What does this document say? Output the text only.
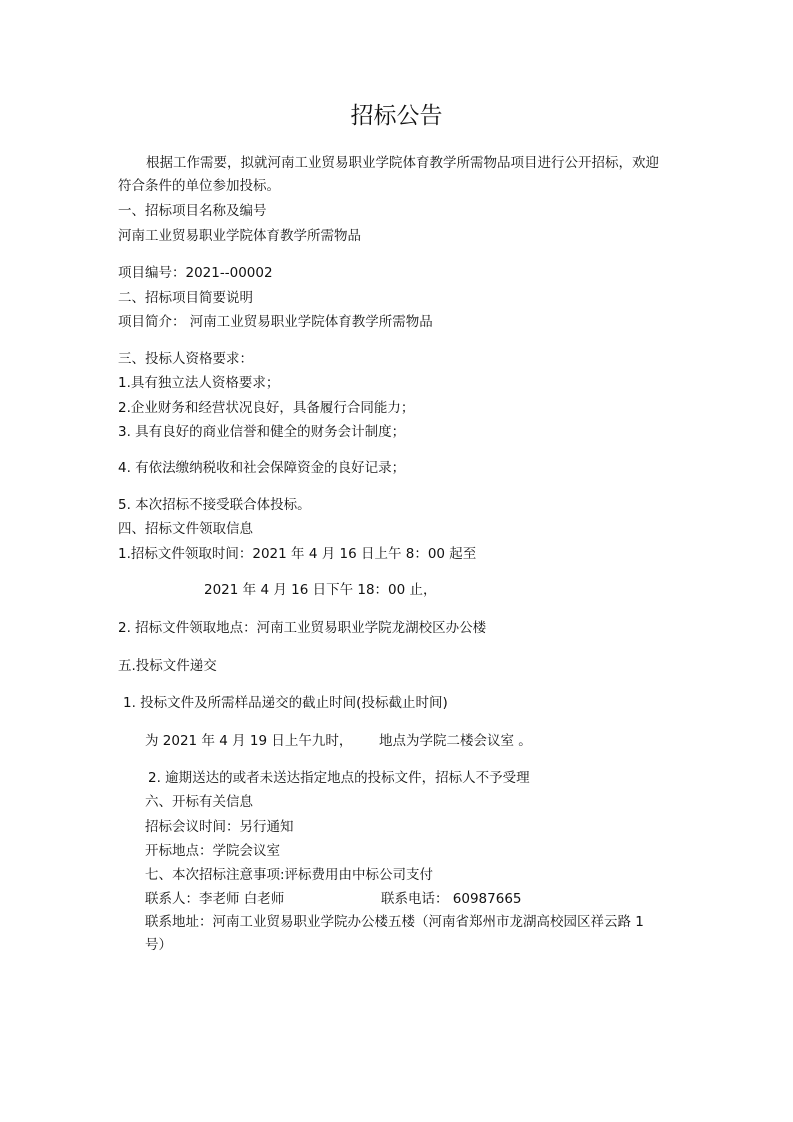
招标公告
根据工作需要，拟就河南工业贸易职业学院体育教学所需物品项目进行公开招标，欢迎符合条件的单位参加投标。
一、招标项目名称及编号
河南工业贸易职业学院体育教学所需物品
项目编号：2021--00002
二、招标项目简要说明
项目简介： 河南工业贸易职业学院体育教学所需物品
三、投标人资格要求：
1.具有独立法人资格要求；
2.企业财务和经营状况良好，具备履行合同能力；
3. 具有良好的商业信誉和健全的财务会计制度；
4. 有依法缴纳税收和社会保障资金的良好记录；
5. 本次招标不接受联合体投标。
四、招标文件领取信息
1.招标文件领取时间：2021 年 4 月 16 日上午 8：00 起至
2021 年 4 月 16 日下午 18：00 止，
2. 招标文件领取地点：河南工业贸易职业学院龙湖校区办公楼
五.投标文件递交
1. 投标文件及所需样品递交的截止时间(投标截止时间)
为 2021 年 4 月 19 日上午九时， 地点为学院二楼会议室 。
2. 逾期送达的或者未送达指定地点的投标文件，招标人不予受理
六、开标有关信息
招标会议时间：另行通知
开标地点：学院会议室
七、本次招标注意事项:评标费用由中标公司支付
联系人：李老师 白老师	联系电话： 60987665
联系地址：河南工业贸易职业学院办公楼五楼（河南省郑州市龙湖高校园区祥云路 1 号）
